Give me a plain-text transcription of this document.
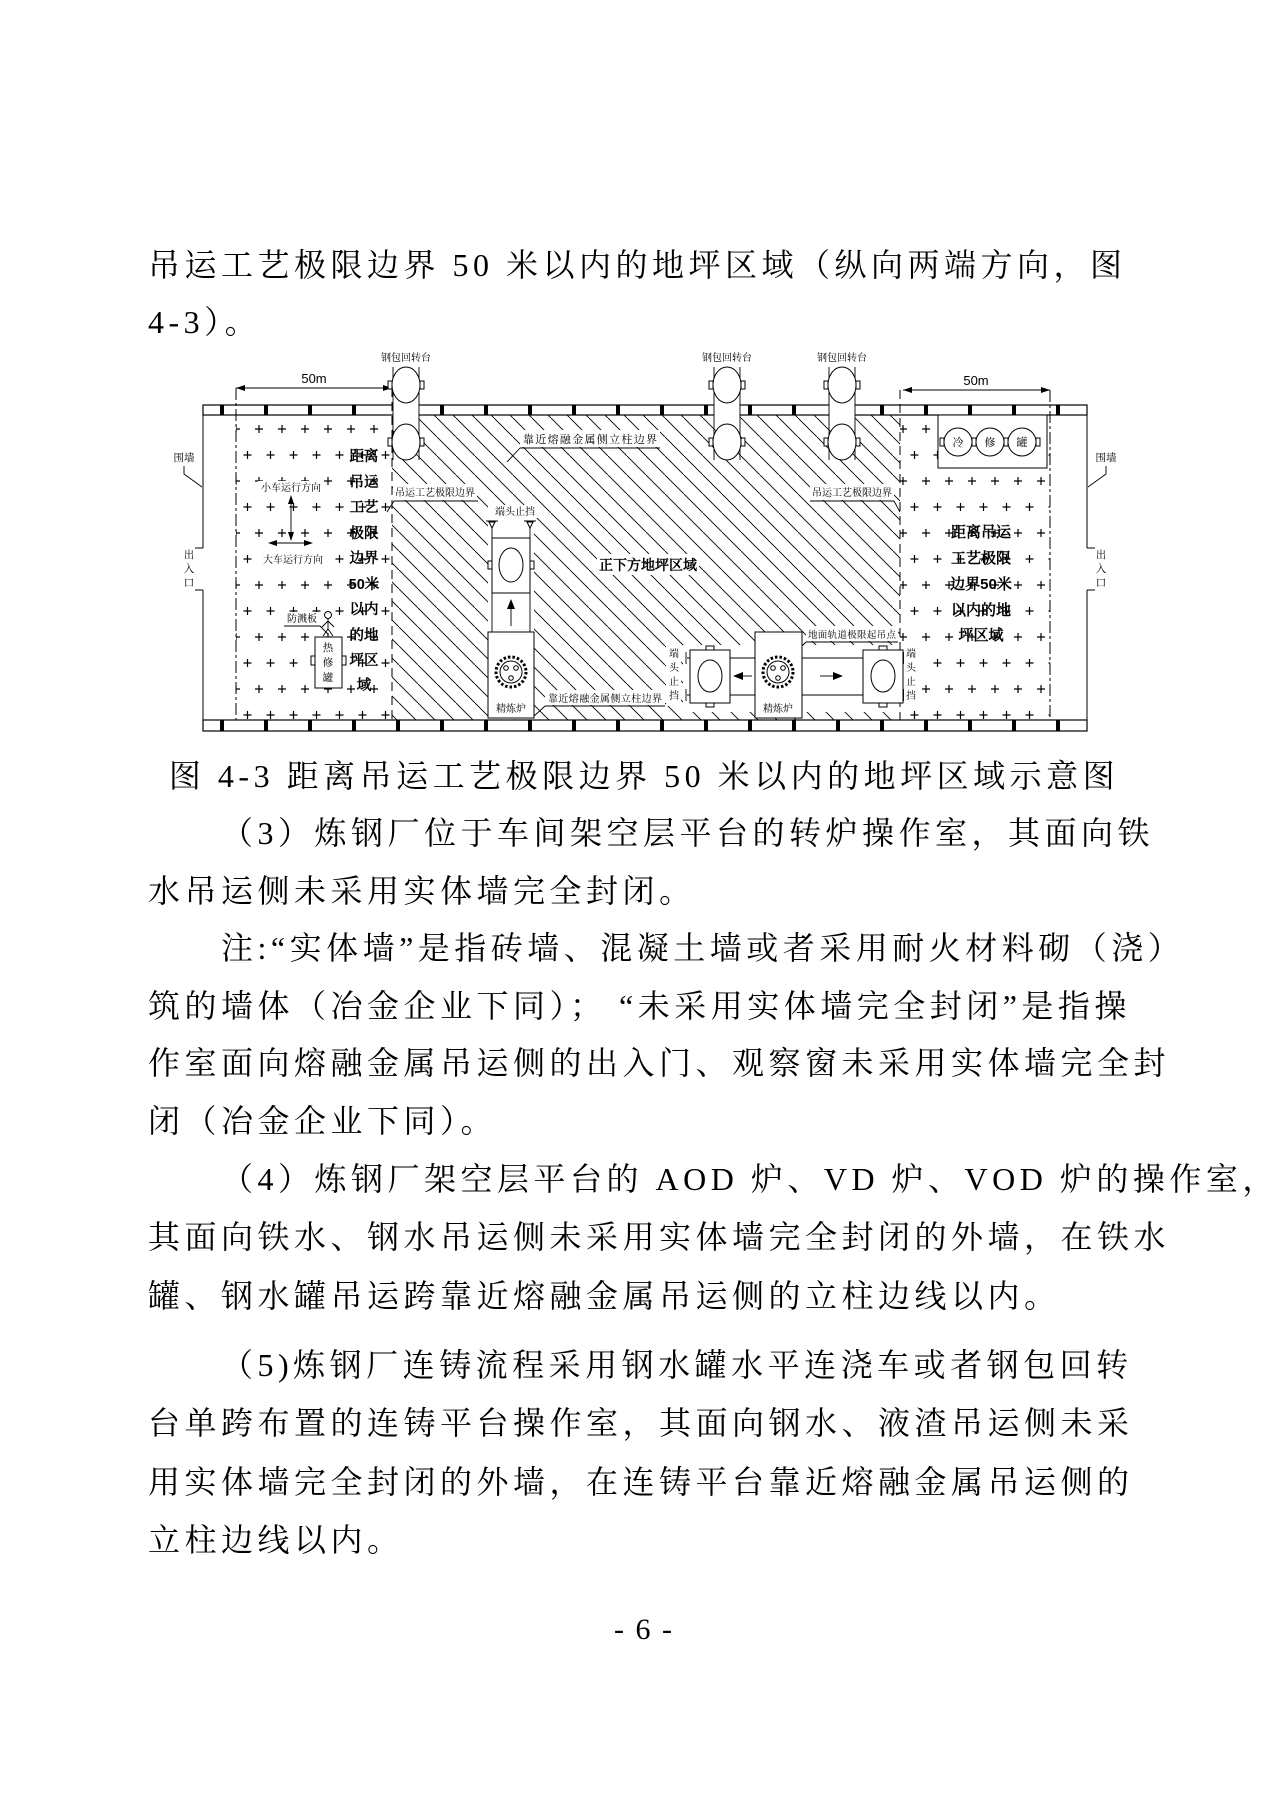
吊运工艺极限边界 50 米以内的地坪区域（纵向两端方向，图
4-3）。
图 4-3 距离吊运工艺极限边界 50 米以内的地坪区域示意图
（3）炼钢厂位于车间架空层平台的转炉操作室，其面向铁
水吊运侧未采用实体墙完全封闭。
注:“实体墙”是指砖墙、混凝土墙或者采用耐火材料砌（浇）
筑的墙体（冶金企业下同）； “未采用实体墙完全封闭”是指操
作室面向熔融金属吊运侧的出入门、观察窗未采用实体墙完全封
闭（冶金企业下同）。
（4）炼钢厂架空层平台的 AOD 炉、VD 炉、VOD 炉的操作室，
其面向铁水、钢水吊运侧未采用实体墙完全封闭的外墙，在铁水
罐、钢水罐吊运跨靠近熔融金属吊运侧的立柱边线以内。
（5)炼钢厂连铸流程采用钢水罐水平连浇车或者钢包回转
台单跨布置的连铸平台操作室，其面向钢水、液渣吊运侧未采
用实体墙完全封闭的外墙，在连铸平台靠近熔融金属吊运侧的
立柱边线以内。
- 6 -
50m	50m
钢包回转台	钢包回转台	钢包回转台
冷 修 罐
围墙	围墙
出
入
口
出
入
口
小车运行方向
大车运行方向
防溅板
热
修
罐
距离
吊运
工艺
极限
边界
50米
以内
的地
坪区
域
距离吊运
工艺极限
边界50米
以内的地
坪区域
正下方地坪区域
吊运工艺极限边界	吊运工艺极限边界
靠近熔融金属侧立柱边界
靠近熔融金属侧立柱边界
地面轨道极限起吊点
端头止挡
精炼炉	精炼炉
端
头
止
挡
端
头
止
挡
